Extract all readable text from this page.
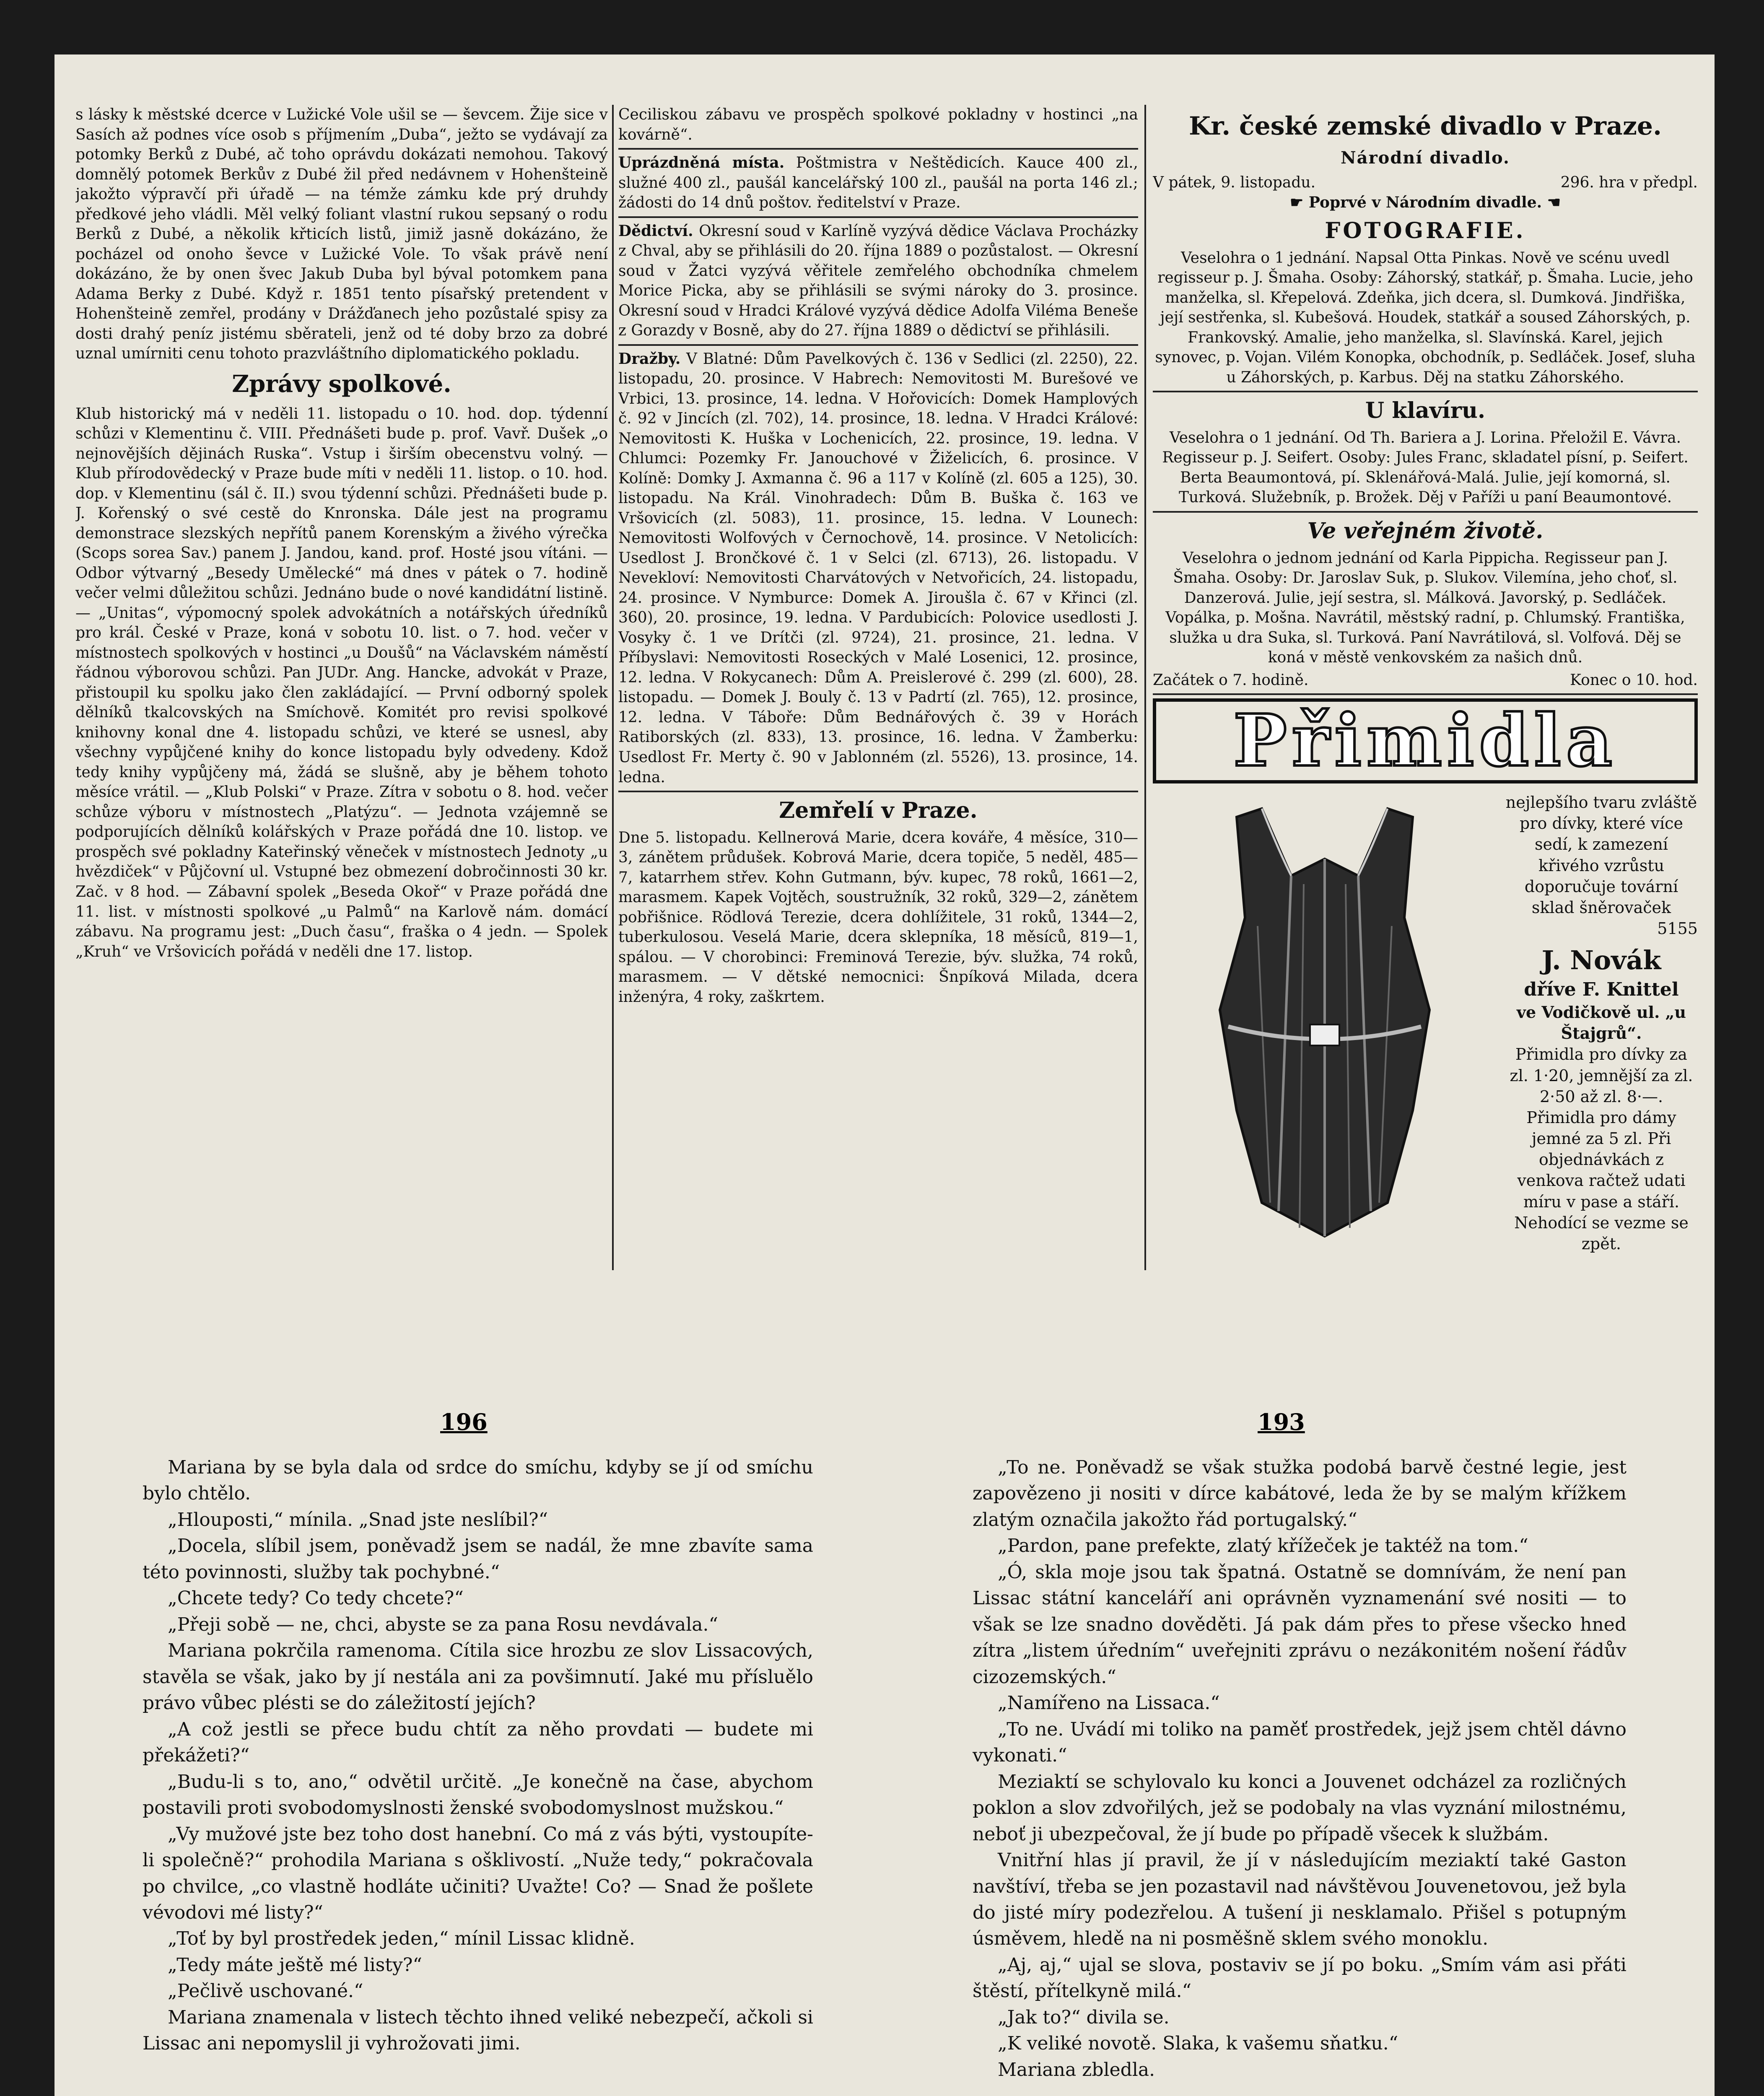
s lásky k městské dcerce v Lužické Vole ušil se — ševcem. Žije sice v Sasích až podnes více osob s příjmením „Duba“, ježto se vydávají za potomky Berků z Dubé, ač toho oprávdu dokázati nemohou. Takový domnělý potomek Berkův z Dubé žil před nedávnem v Hohenšteině jakožto výpravčí při úřadě — na témže zámku kde prý druhdy předkové jeho vládli. Měl velký foliant vlastní rukou sepsaný o rodu Berků z Dubé, a několik křticích listů, jimiž jasně dokázáno, že pocházel od onoho ševce v Lužické Vole. To však právě není dokázáno, že by onen švec Jakub Duba byl býval potomkem pana Adama Berky z Dubé. Když r. 1851 tento písařský pretendent v Hohenšteině zemřel, prodány v Drážďanech jeho pozůstalé spisy za dosti drahý peníz jistému sběrateli, jenž od té doby brzo za dobré uznal umírniti cenu tohoto prazvláštního diplomatického pokladu.

Zprávy spolkové.

Klub historický má v neděli 11. listopadu o 10. hod. dop. týdenní schůzi v Klementinu č. VIII. Přednášeti bude p. prof. Vavř. Dušek „o nejnovějších dějinách Ruska“. Vstup i širším obecenstvu volný. — Klub přírodovědecký v Praze bude míti v neděli 11. listop. o 10. hod. dop. v Klementinu (sál č. II.) svou týdenní schůzi. Přednášeti bude p. J. Kořenský o své cestě do Knronska. Dále jest na programu demonstrace slezských nepřítů panem Korenským a živého výrečka (Scops sorea Sav.) panem J. Jandou, kand. prof. Hosté jsou vítáni. — Odbor výtvarný „Besedy Umělecké“ má dnes v pátek o 7. hodině večer velmi důležitou schůzi. Jednáno bude o nové kandidátní listině. — „Unitas“, výpomocný spolek advokátních a notářských úředníků pro král. České v Praze, koná v sobotu 10. list. o 7. hod. večer v místnostech spolkových v hostinci „u Doušů“ na Václavském náměstí řádnou výborovou schůzi. Pan JUDr. Ang. Hancke, advokát v Praze, přistoupil ku spolku jako člen zakládající. — První odborný spolek dělníků tkalcovských na Smíchově. Komitét pro revisi spolkové knihovny konal dne 4. listopadu schůzi, ve které se usnesl, aby všechny vypůjčené knihy do konce listopadu byly odvedeny. Kdož tedy knihy vypůjčeny má, žádá se slušně, aby je během tohoto měsíce vrátil. — „Klub Polski“ v Praze. Zítra v sobotu o 8. hod. večer schůze výboru v místnostech „Platýzu“. — Jednota vzájemně se podporujících dělníků kolářských v Praze pořádá dne 10. listop. ve prospěch své pokladny Kateřinský věneček v místnostech Jednoty „u hvězdiček“ v Půjčovní ul. Vstupné bez obmezení dobročinnosti 30 kr. Zač. v 8 hod. — Zábavní spolek „Beseda Okoř“ v Praze pořádá dne 11. list. v místnosti spolkové „u Palmů“ na Karlově nám. domácí zábavu. Na programu jest: „Duch času“, fraška o 4 jedn. — Spolek „Kruh“ ve Vršovicích pořádá v neděli dne 17. listop.

Ceciliskou zábavu ve prospěch spolkové pokladny v hostinci „na kovárně“.

Uprázdněná místa. Poštmistra v Neštědicích. Kauce 400 zl., služné 400 zl., paušál kancelářský 100 zl., paušál na porta 146 zl.; žádosti do 14 dnů poštov. ředitelství v Praze.

Dědictví. Okresní soud v Karlíně vyzývá dědice Václava Procházky z Chval, aby se přihlásili do 20. října 1889 o pozůstalost. — Okresní soud v Žatci vyzývá věřitele zemřelého obchodníka chmelem Morice Picka, aby se přihlásili se svými nároky do 3. prosince. Okresní soud v Hradci Králové vyzývá dědice Adolfa Viléma Beneše z Gorazdy v Bosně, aby do 27. října 1889 o dědictví se přihlásili.

Dražby. V Blatné: Dům Pavelkových č. 136 v Sedlici (zl. 2250), 22. listopadu, 20. prosince. V Habrech: Nemovitosti M. Burešové ve Vrbici, 13. prosince, 14. ledna. V Hořovicích: Domek Hamplových č. 92 v Jincích (zl. 702), 14. prosince, 18. ledna. V Hradci Králové: Nemovitosti K. Huška v Lochenicích, 22. prosince, 19. ledna. V Chlumci: Pozemky Fr. Janouchové v Žiželicích, 6. prosince. V Kolíně: Domky J. Axmanna č. 96 a 117 v Kolíně (zl. 605 a 125), 30. listopadu. Na Král. Vinohradech: Dům B. Buška č. 163 ve Vršovicích (zl. 5083), 11. prosince, 15. ledna. V Lounech: Nemovitosti Wolfových v Černochově, 14. prosince. V Netolicích: Usedlost J. Brončkové č. 1 v Selci (zl. 6713), 26. listopadu. V Nevekloví: Nemovitosti Charvátových v Netvořicích, 24. listopadu, 24. prosince. V Nymburce: Domek A. Jiroušla č. 67 v Křinci (zl. 360), 20. prosince, 19. ledna. V Pardubicích: Polovice usedlosti J. Vosyky č. 1 ve Drítči (zl. 9724), 21. prosince, 21. ledna. V Příbyslavi: Nemovitosti Roseckých v Malé Losenici, 12. prosince, 12. ledna. V Rokycanech: Dům A. Preislerové č. 299 (zl. 600), 28. listopadu. — Domek J. Bouly č. 13 v Padrtí (zl. 765), 12. prosince, 12. ledna. V Táboře: Dům Bednářových č. 39 v Horách Ratiborských (zl. 833), 13. prosince, 16. ledna. V Žamberku: Usedlost Fr. Merty č. 90 v Jablonném (zl. 5526), 13. prosince, 14. ledna.

Zemřelí v Praze.

Dne 5. listopadu. Kellnerová Marie, dcera kováře, 4 měsíce, 310—3, zánětem průdušek. Kobrová Marie, dcera topiče, 5 neděl, 485—7, katarrhem střev. Kohn Gutmann, býv. kupec, 78 roků, 1661—2, marasmem. Kapek Vojtěch, soustružník, 32 roků, 329—2, zánětem pobřišnice. Rödlová Terezie, dcera dohlížitele, 31 roků, 1344—2, tuberkulosou. Veselá Marie, dcera sklepníka, 18 měsíců, 819—1, spálou. — V chorobinci: Freminová Terezie, býv. služka, 74 roků, marasmem. — V dětské nemocnici: Šnpíková Milada, dcera inženýra, 4 roky, zaškrtem.

Kr. české zemské divadlo v Praze.
Národní divadlo.
V pátek, 9. listopadu.	296. hra v předpl.
☛ Poprvé v Národním divadle. ☚
FOTOGRAFIE.

Veselohra o 1 jednání. Napsal Otta Pinkas. Nově ve scénu uvedl regisseur p. J. Šmaha. Osoby: Záhorský, statkář, p. Šmaha. Lucie, jeho manželka, sl. Křepelová. Zdeňka, jich dcera, sl. Dumková. Jindřiška, její sestřenka, sl. Kubešová. Houdek, statkář a soused Záhorských, p. Frankovský. Amalie, jeho manželka, sl. Slavínská. Karel, jejich synovec, p. Vojan. Vilém Konopka, obchodník, p. Sedláček. Josef, sluha u Záhorských, p. Karbus. Děj na statku Záhorského.

U klavíru.

Veselohra o 1 jednání. Od Th. Bariera a J. Lorina. Přeložil E. Vávra. Regisseur p. J. Seifert. Osoby: Jules Franc, skladatel písní, p. Seifert. Berta Beaumontová, pí. Sklenářová-Malá. Julie, její komorná, sl. Turková. Služebník, p. Brožek. Děj v Paříži u paní Beaumontové.

Ve veřejném životě.

Veselohra o jednom jednání od Karla Pippicha. Regisseur pan J. Šmaha. Osoby: Dr. Jaroslav Suk, p. Slukov. Vilemína, jeho choť, sl. Danzerová. Julie, její sestra, sl. Málková. Javorský, p. Sedláček. Vopálka, p. Mošna. Navrátil, městský radní, p. Chlumský. Františka, služka u dra Suka, sl. Turková. Paní Navrátilová, sl. Volfová. Děj se koná v městě venkovském za našich dnů.

Začátek o 7. hodině.	Konec o 10. hod.
Přimidla
nejlepšího tvaru zvláště pro dívky, které více sedí, k zamezení křivého vzrůstu doporučuje tovární sklad šněrovaček
5155
J. Novák
dříve F. Knittel
ve Vodičkově ul. „u Štajgrů“.
Přimidla pro dívky za zl. 1·20, jemnější za zl. 2·50 až zl. 8·—. Přimidla pro dámy jemné za 5 zl. Při objednávkách z venkova račtež udati míru v pase a stáří. Nehodící se vezme se zpět.
196	193

Mariana by se byla dala od srdce do smíchu, kdyby se jí od smíchu bylo chtělo.

„Hlouposti,“ mínila. „Snad jste neslíbil?“

„Docela, slíbil jsem, poněvadž jsem se nadál, že mne zbavíte sama této povinnosti, služby tak pochybné.“

„Chcete tedy? Co tedy chcete?“

„Přeji sobě — ne, chci, abyste se za pana Rosu nevdávala.“

Mariana pokrčila ramenoma. Cítila sice hrozbu ze slov Lissacových, stavěla se však, jako by jí nestála ani za povšimnutí. Jaké mu přísluělo právo vůbec plésti se do záležitostí jejích?

„A což jestli se přece budu chtít za něho provdati — budete mi překážeti?“

„Budu-li s to, ano,“ odvětil určitě. „Je konečně na čase, abychom postavili proti svobodomyslnosti ženské svobodomyslnost mužskou.“

„Vy mužové jste bez toho dost hanební. Co má z vás býti, vystoupíte-li společně?“ prohodila Mariana s ošklivostí. „Nuže tedy,“ pokračovala po chvilce, „co vlastně hodláte učiniti? Uvažte! Co? — Snad že pošlete vévodovi mé listy?“

„Toť by byl prostředek jeden,“ mínil Lissac klidně.

„Tedy máte ještě mé listy?“

„Pečlivě uschované.“

Mariana znamenala v listech těchto ihned veliké nebezpečí, ačkoli si Lissac ani nepomyslil ji vyhrožovati jimi.

„To ne. Poněvadž se však stužka podobá barvě čestné legie, jest zapovězeno ji nositi v dírce kabátové, leda že by se malým křížkem zlatým označila jakožto řád portugalský.“

„Pardon, pane prefekte, zlatý křížeček je taktéž na tom.“

„Ó, skla moje jsou tak špatná. Ostatně se domnívám, že není pan Lissac státní kanceláří ani oprávněn vyznamenání své nositi — to však se lze snadno dověděti. Já pak dám přes to přese všecko hned zítra „listem úředním“ uveřejniti zprávu o nezákonitém nošení řádův cizozemských.“

„Namířeno na Lissaca.“

„To ne. Uvádí mi toliko na paměť prostředek, jejž jsem chtěl dávno vykonati.“

Meziaktí se schylovalo ku konci a Jouvenet odcházel za rozličných poklon a slov zdvořilých, jež se podobaly na vlas vyznání milostnému, neboť ji ubezpečoval, že jí bude po případě všecek k službám.

Vnitřní hlas jí pravil, že jí v následujícím meziaktí také Gaston navštíví, třeba se jen pozastavil nad návštěvou Jouvenetovou, jež byla do jisté míry podezřelou. A tušení ji nesklamalo. Přišel s potupným úsměvem, hledě na ni posměšně sklem svého monoklu.

„Aj, aj,“ ujal se slova, postaviv se jí po boku. „Smím vám asi přáti štěstí, přítelkyně milá.“

„Jak to?“ divila se.

„K veliké novotě. Slaka, k vašemu sňatku.“

Mariana zbledla.
